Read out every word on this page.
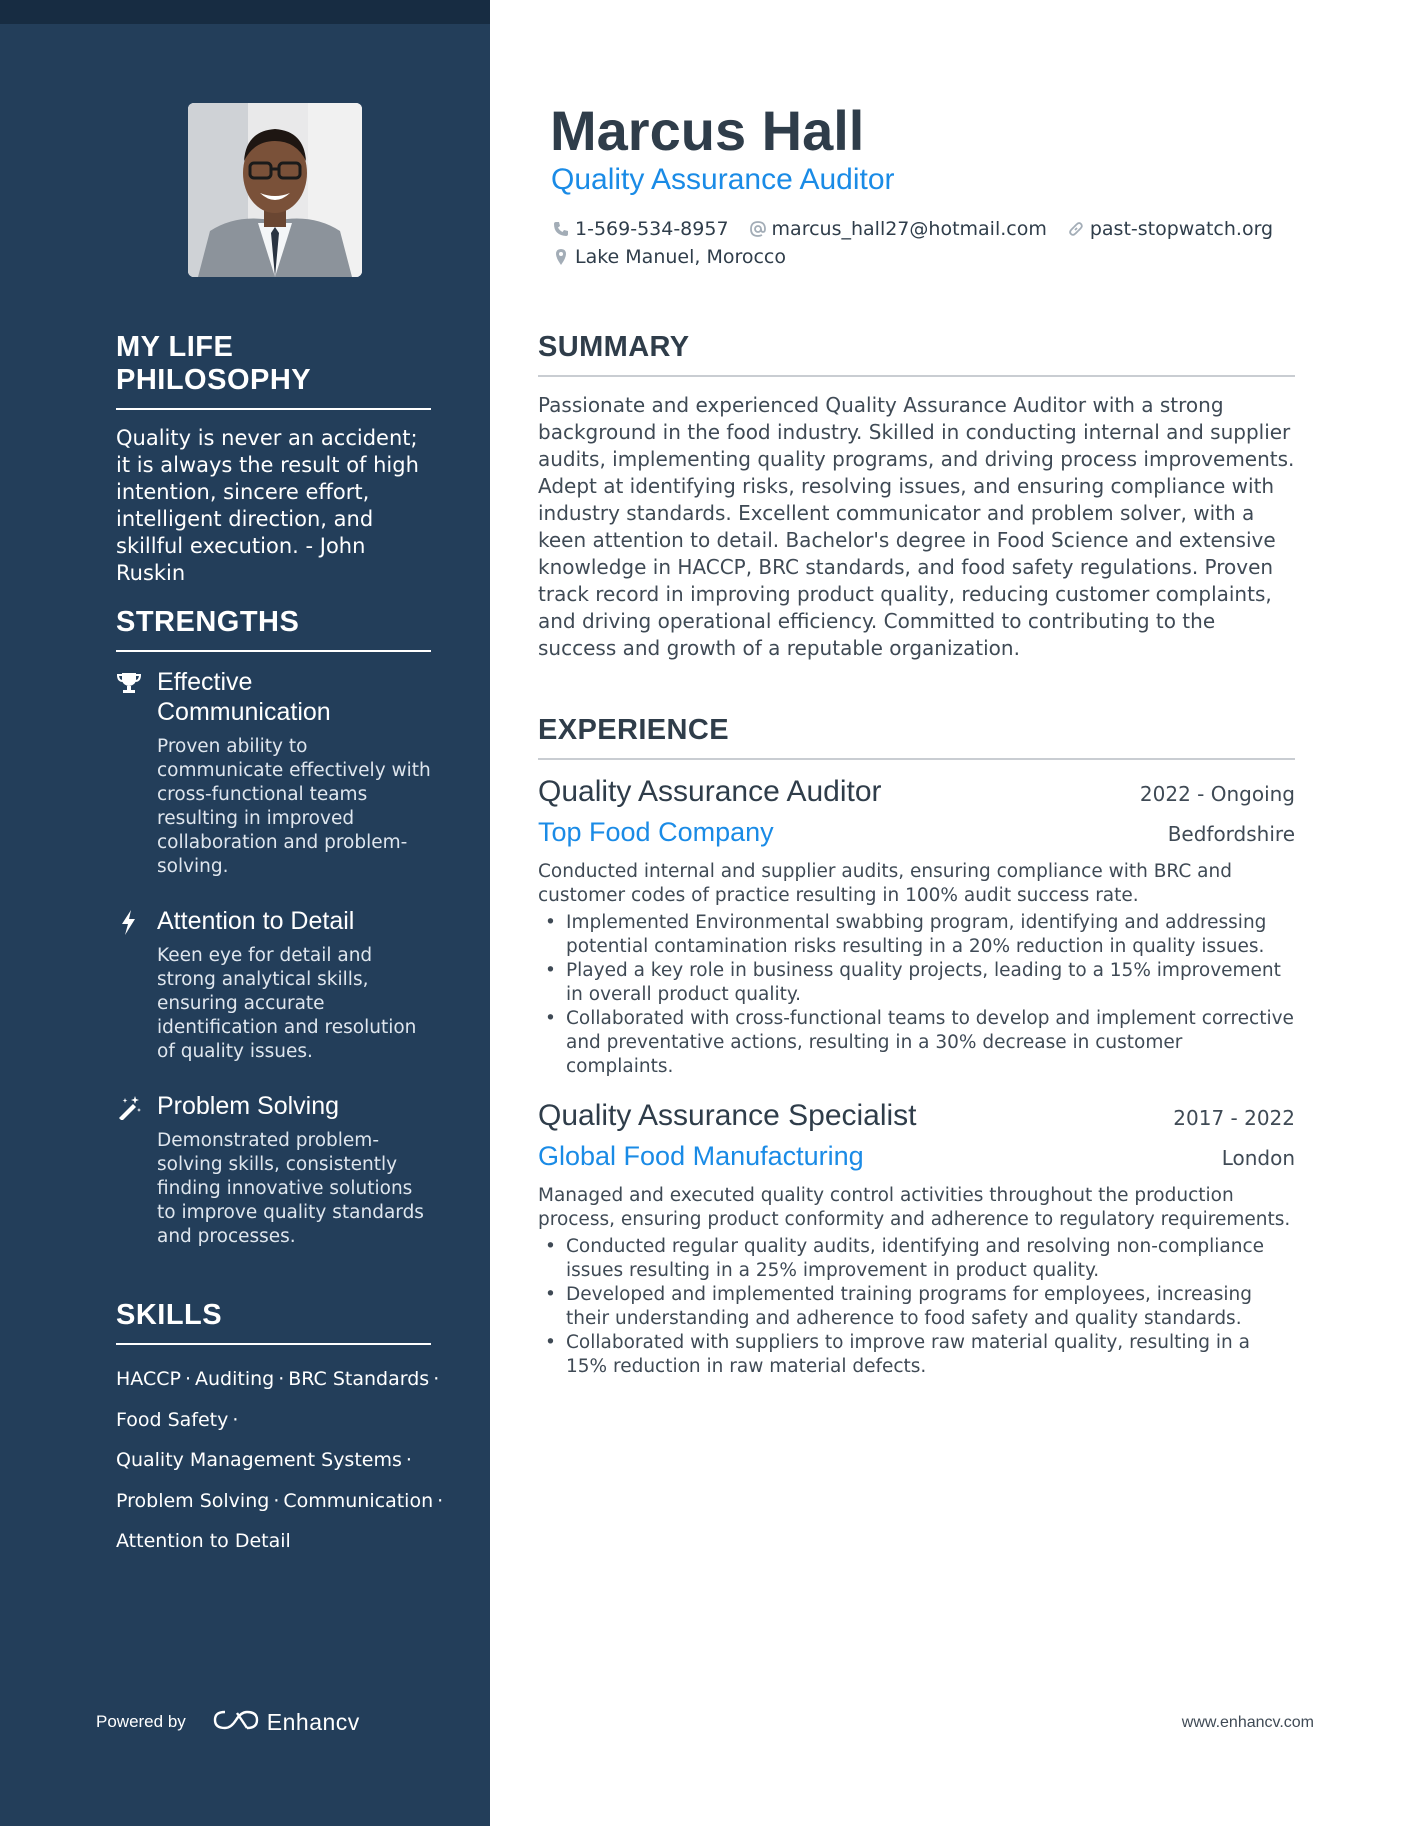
MY LIFE PHILOSOPHY

Quality is never an accident; it is always the result of high intention, sincere effort, intelligent direction, and skillful execution. - John Ruskin

STRENGTHS
Effective Communication
Proven ability to communicate effectively with cross-functional teams resulting in improved collaboration and problem-solving.
Attention to Detail
Keen eye for detail and strong analytical skills, ensuring accurate identification and resolution of quality issues.
Problem Solving
Demonstrated problem-solving skills, consistently finding innovative solutions to improve quality standards and processes.
SKILLS
HACCP · Auditing · BRC Standards ·
Food Safety ·
Quality Management Systems ·
Problem Solving · Communication ·
Attention to Detail
Powered by	Enhancv
Marcus Hall
Quality Assurance Auditor
1-569-534-8957 marcus_hall27@hotmail.com past-stopwatch.org
Lake Manuel, Morocco
SUMMARY

Passionate and experienced Quality Assurance Auditor with a strong background in the food industry. Skilled in conducting internal and supplier audits, implementing quality programs, and driving process improvements. Adept at identifying risks, resolving issues, and ensuring compliance with industry standards. Excellent communicator and problem solver, with a keen attention to detail. Bachelor's degree in Food Science and extensive knowledge in HACCP, BRC standards, and food safety regulations. Proven track record in improving product quality, reducing customer complaints, and driving operational efficiency. Committed to contributing to the success and growth of a reputable organization.

EXPERIENCE
Quality Assurance Auditor	2022 - Ongoing
Top Food Company	Bedfordshire

Conducted internal and supplier audits, ensuring compliance with BRC and customer codes of practice resulting in 100% audit success rate.

• Implemented Environmental swabbing program, identifying and addressing potential contamination risks resulting in a 20% reduction in quality issues.
• Played a key role in business quality projects, leading to a 15% improvement in overall product quality.
• Collaborated with cross-functional teams to develop and implement corrective and preventative actions, resulting in a 30% decrease in customer complaints.
Quality Assurance Specialist	2017 - 2022
Global Food Manufacturing	London

Managed and executed quality control activities throughout the production process, ensuring product conformity and adherence to regulatory requirements.

• Conducted regular quality audits, identifying and resolving non-compliance issues resulting in a 25% improvement in product quality.
• Developed and implemented training programs for employees, increasing their understanding and adherence to food safety and quality standards.
• Collaborated with suppliers to improve raw material quality, resulting in a 15% reduction in raw material defects.
www.enhancv.com
